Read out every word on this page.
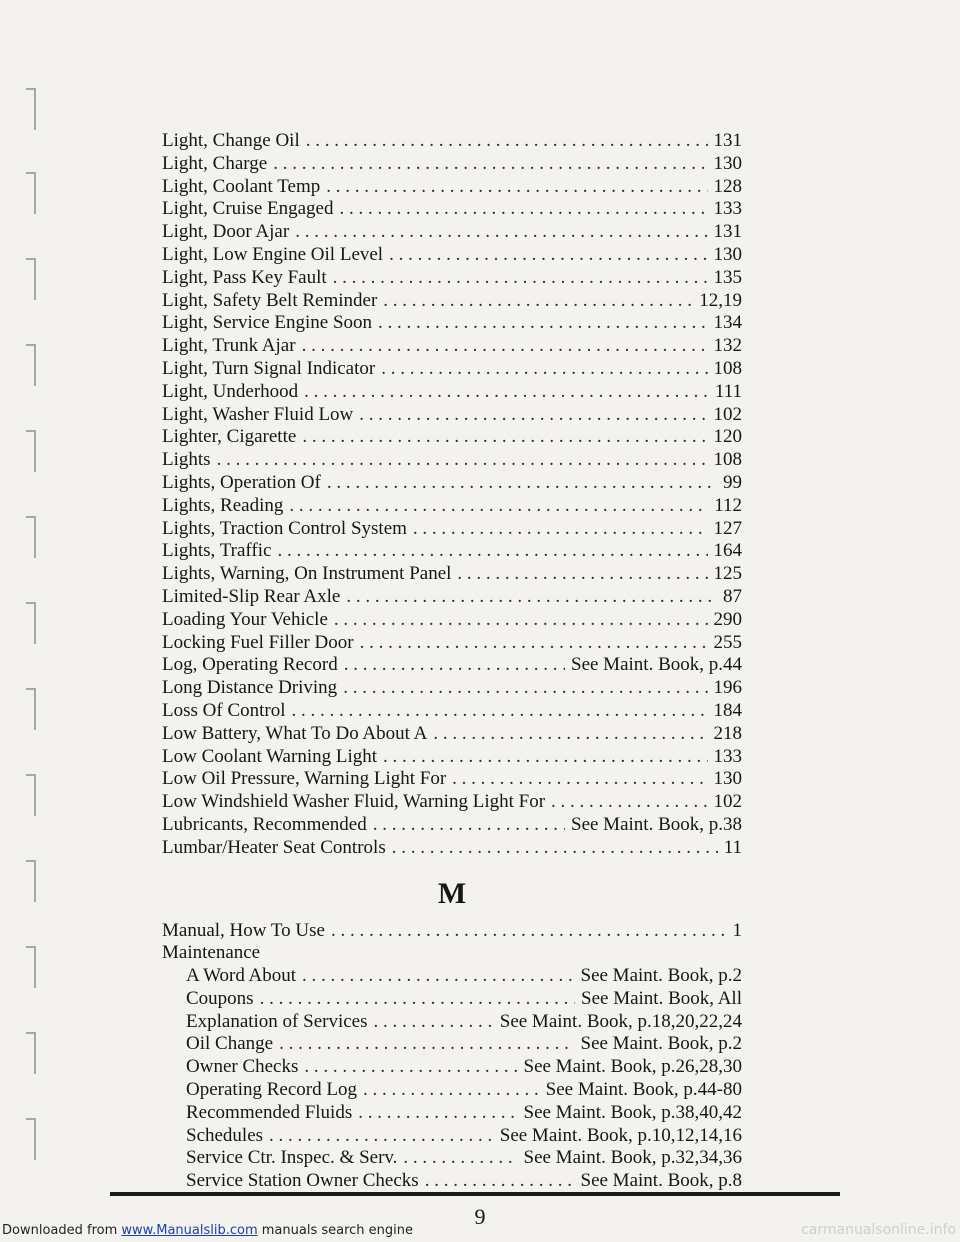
Light, Change Oil . . .	131
Light, Charge . . .	130
Light, Coolant Temp . . .	128
Light, Cruise Engaged . . .	133
Light, Door Ajar . . .	131
Light, Low Engine Oil Level . . .	130
Light, Pass Key Fault . . .	135
Light, Safety Belt Reminder . . .	12,19
Light, Service Engine Soon . . .	134
Light, Trunk Ajar . . .	132
Light, Turn Signal Indicator . . .	108
Light, Underhood . . .	111
Light, Washer Fluid Low . . .	102
Lighter, Cigarette . . .	120
Lights . . .	108
Lights, Operation Of . . .	99
Lights, Reading . . .	112
Lights, Traction Control System . . .	127
Lights, Traffic . . .	164
Lights, Warning, On Instrument Panel . . .	125
Limited-Slip Rear Axle . . .	87
Loading Your Vehicle . . .	290
Locking Fuel Filler Door . . .	255
Log, Operating Record . . .	See Maint. Book, p.44
Long Distance Driving . . .	196
Loss Of Control . . .	184
Low Battery, What To Do About A . . .	218
Low Coolant Warning Light . . .	133
Low Oil Pressure, Warning Light For . . .	130
Low Windshield Washer Fluid, Warning Light For . . .	102
Lubricants, Recommended . . .	See Maint. Book, p.38
Lumbar/Heater Seat Controls . . .	11
M
Manual, How To Use . . .	1
Maintenance
A Word About . . .	See Maint. Book, p.2
Coupons . . .	See Maint. Book, All
Explanation of Services . . .	See Maint. Book, p.18,20,22,24
Oil Change . . .	See Maint. Book, p.2
Owner Checks . . .	See Maint. Book, p.26,28,30
Operating Record Log . . .	See Maint. Book, p.44-80
Recommended Fluids . . .	See Maint. Book, p.38,40,42
Schedules . . .	See Maint. Book, p.10,12,14,16
Service Ctr. Inspec. & Serv. . . .	See Maint. Book, p.32,34,36
Service Station Owner Checks . . .	See Maint. Book, p.8
9
Downloaded from www.Manualslib.com manuals search engine	carmanualsonline.info
